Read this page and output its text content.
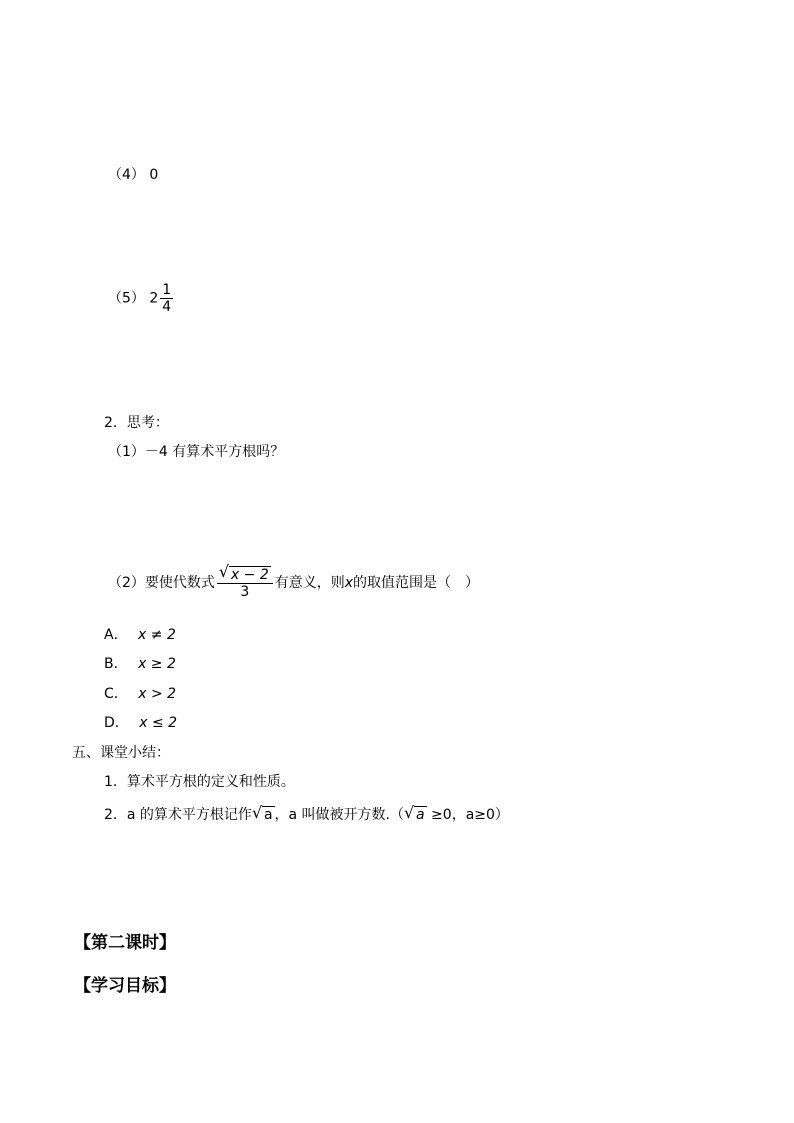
（4） 0
（5） $2 \frac{1}{4}$
2．思考：
（1）－4 有算术平方根吗？
（2）要使代数式 $\frac{√ x - 2}{3}$ 有意义，则x的取值范围是（　）
A． x ≠ 2
B． x ≥ 2
C． x > 2
D． x ≤ 2
五、课堂小结：
1．算术平方根的定义和性质。
2．a 的算术平方根记作 √ a ，a 叫做被开方数.（ √ a ≥0，a≥0）
【第二课时】
【学习目标】
